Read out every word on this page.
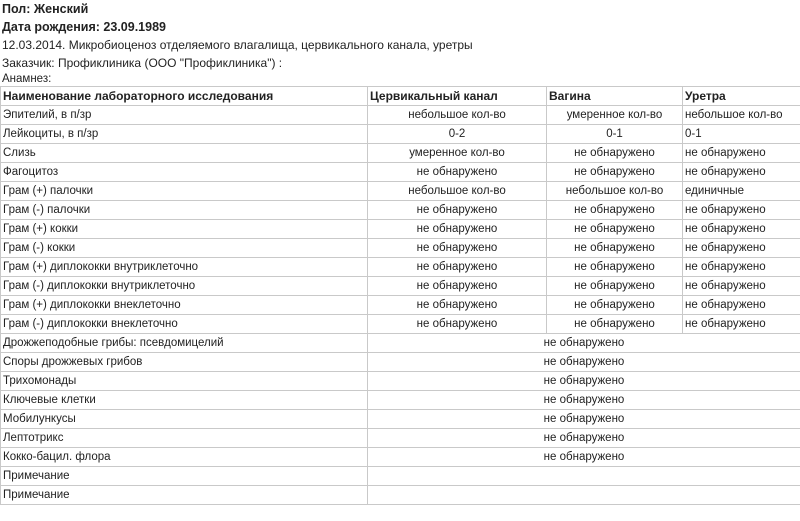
Пол: Женский
Дата рождения: 23.09.1989
12.03.2014. Микробиоценоз отделяемого влагалища, цервикального канала, уретры
Заказчик: Профиклиника (ООО "Профиклиника") :
Анамнез:
Наименование лабораторного исследования	Цервикальный канал	Вагина	Уретра
Эпителий, в п/зр	небольшое кол-во	умеренное кол-во	небольшое кол-во
Лейкоциты, в п/зр	0-2	0-1	0-1
Слизь	умеренное кол-во	не обнаружено	не обнаружено
Фагоцитоз	не обнаружено	не обнаружено	не обнаружено
Грам (+) палочки	небольшое кол-во	небольшое кол-во	единичные
Грам (-) палочки	не обнаружено	не обнаружено	не обнаружено
Грам (+) кокки	не обнаружено	не обнаружено	не обнаружено
Грам (-) кокки	не обнаружено	не обнаружено	не обнаружено
Грам (+) диплококки внутриклеточно	не обнаружено	не обнаружено	не обнаружено
Грам (-) диплококки внутриклеточно	не обнаружено	не обнаружено	не обнаружено
Грам (+) диплококки внеклеточно	не обнаружено	не обнаружено	не обнаружено
Грам (-) диплококки внеклеточно	не обнаружено	не обнаружено	не обнаружено
Дрожжеподобные грибы: псевдомицелий	не обнаружено		
Споры дрожжевых грибов	не обнаружено		
Трихомонады	не обнаружено		
Ключевые клетки	не обнаружено		
Мобилункусы	не обнаружено		
Лептотрикс	не обнаружено		
Кокко-бацил. флора	не обнаружено		
Примечание			
Примечание			
